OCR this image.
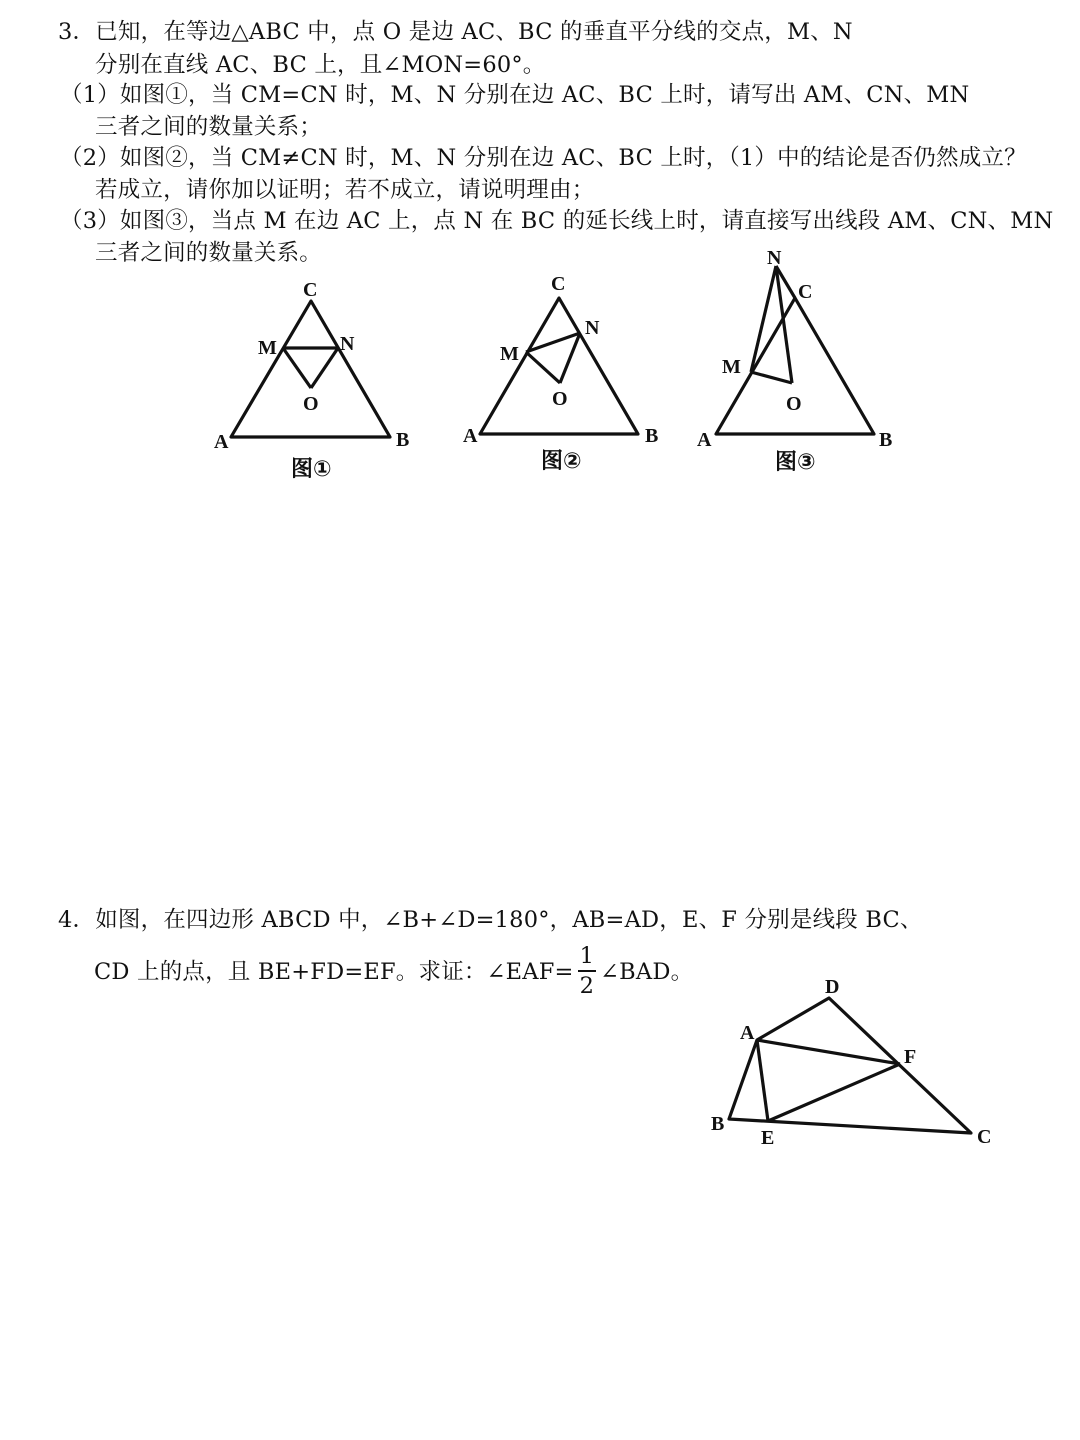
3．已知，在等边△ABC 中，点 O 是边 AC、BC 的垂直平分线的交点，M、N
分别在直线 AC、BC 上，且∠MON=60°。
（1）如图①，当 CM=CN 时，M、N 分别在边 AC、BC 上时，请写出 AM、CN、MN
三者之间的数量关系；
（2）如图②，当 CM≠CN 时，M、N 分别在边 AC、BC 上时，（1）中的结论是否仍然成立？
若成立，请你加以证明；若不成立，请说明理由；
（3）如图③，当点 M 在边 AC 上，点 N 在 BC 的延长线上时，请直接写出线段 AM、CN、MN
三者之间的数量关系。
C
M	N
O
A	B
C
N
M
O
A	B
N
C
M
O
A	B
D
A
F
B
E	C
图①	图②	图③
4．如图，在四边形 ABCD 中，∠B+∠D=180°，AB=AD，E、F 分别是线段 BC、
CD 上的点，且 BE+FD=EF。求证：∠EAF= $\frac{1}{2}$ ∠BAD。
